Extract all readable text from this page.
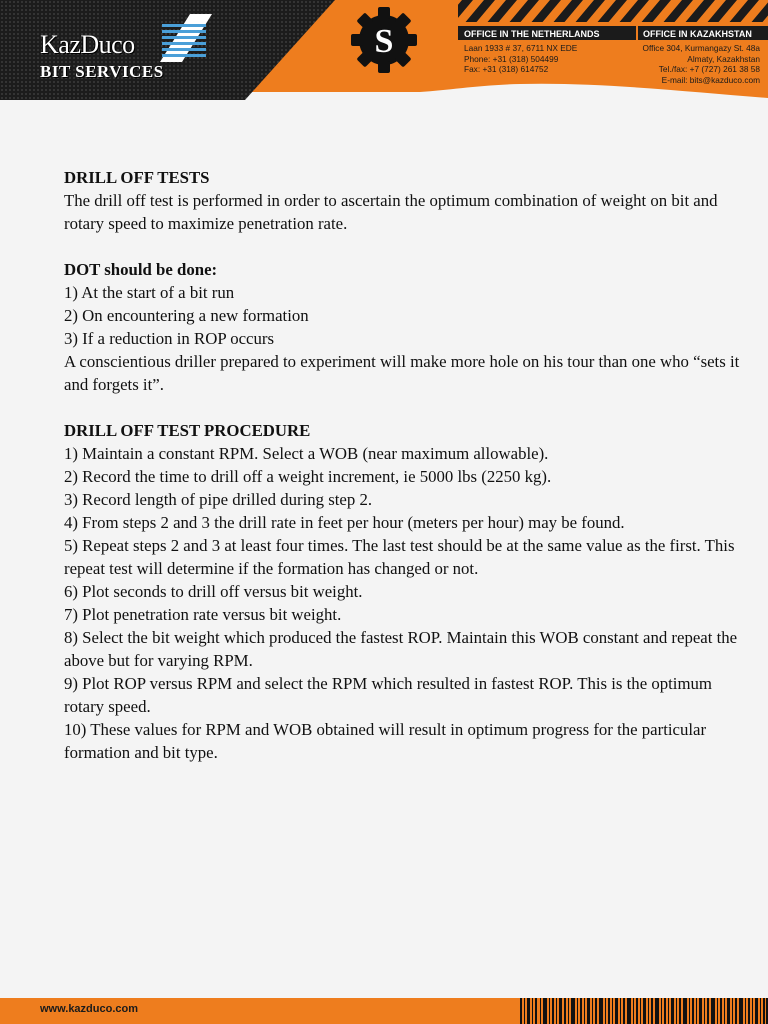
KazDuco
BIT SERVICES
S	OFFICE IN THE NETHERLANDS	OFFICE IN KAZAKHSTAN
Laan 1933 # 37, 6711 NX EDE
Phone: +31 (318) 504499
Fax: +31 (318) 614752
Office 304, Kurmangazy St. 48a
Almaty, Kazakhstan
Tel./fax: +7 (727) 261 38 58
E-mail: bits@kazduco.com

DRILL OFF TESTS

The drill off test is performed in order to ascertain the optimum combination of weight on bit and rotary speed to maximize penetration rate.

DOT should be done:

1) At the start of a bit run

2) On encountering a new formation

3) If a reduction in ROP occurs

A conscientious driller prepared to experiment will make more hole on his tour than one who “sets it and forgets it”.

DRILL OFF TEST PROCEDURE

1) Maintain a constant RPM. Select a WOB (near maximum allowable).

2) Record the time to drill off a weight increment, ie 5000 lbs (2250 kg).

3) Record length of pipe drilled during step 2.

4) From steps 2 and 3 the drill rate in feet per hour (meters per hour) may be found.

5) Repeat steps 2 and 3 at least four times. The last test should be at the same value as the first. This repeat test will determine if the formation has changed or not.

6) Plot seconds to drill off versus bit weight.

7) Plot penetration rate versus bit weight.

8) Select the bit weight which produced the fastest ROP. Maintain this WOB constant and repeat the above but for varying RPM.

9) Plot ROP versus RPM and select the RPM which resulted in fastest ROP. This is the optimum rotary speed.

10) These values for RPM and WOB obtained will result in optimum progress for the particular formation and bit type.

www.kazduco.com
